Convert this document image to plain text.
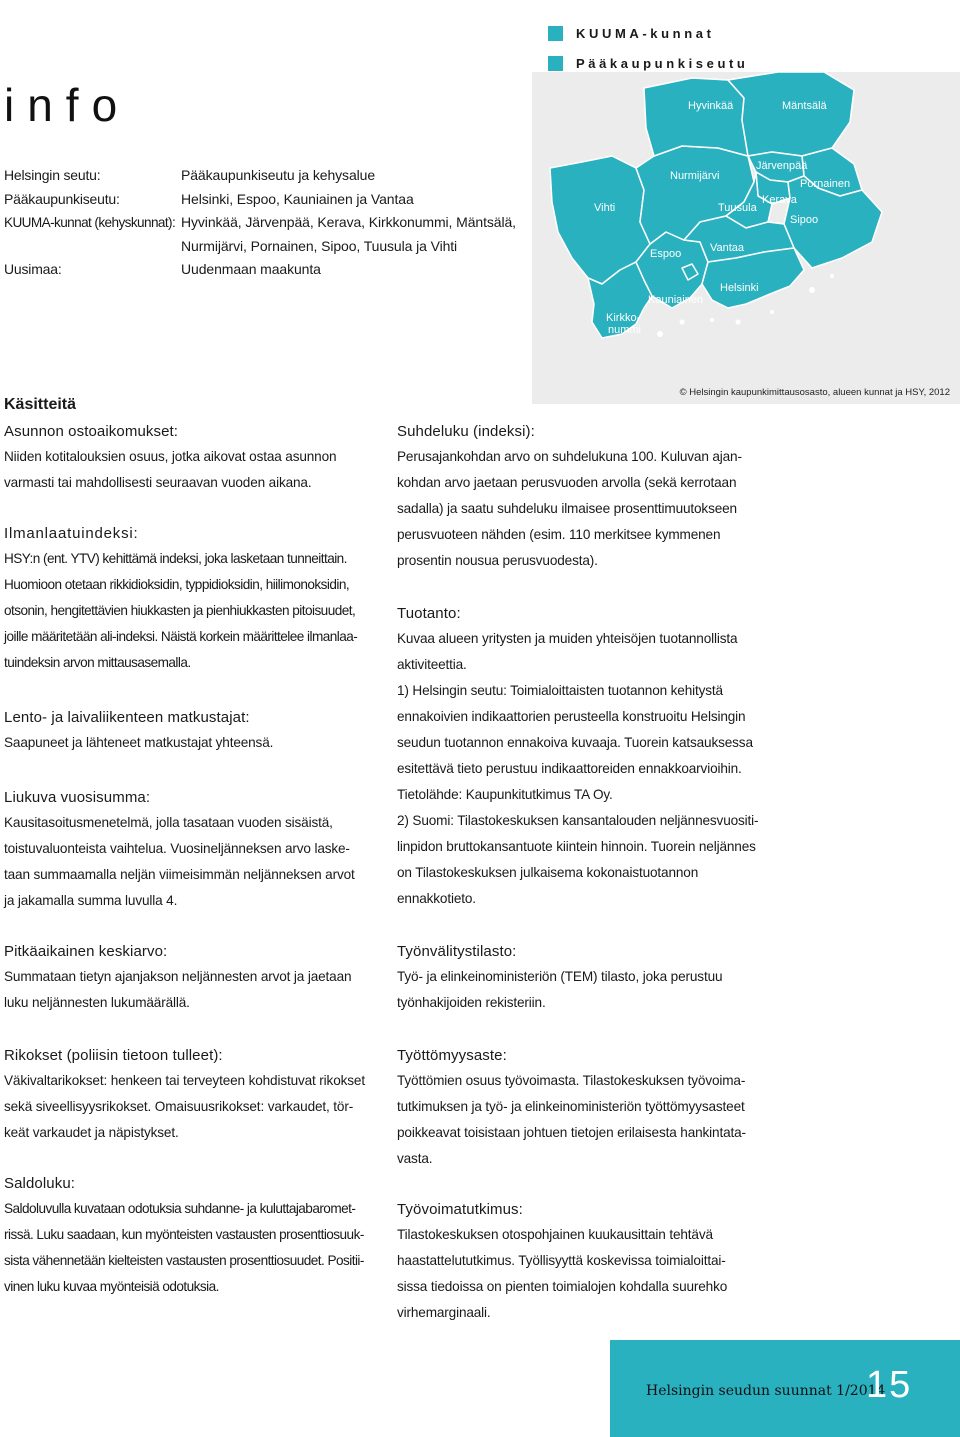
info
KUUMA-kunnat
Pääkaupunkiseutu
Helsingin seutu:	Pääkaupunkiseutu ja kehysalue
Pääkaupunkiseutu:	Helsinki, Espoo, Kauniainen ja Vantaa
KUUMA-kunnat (kehyskunnat): Hyvinkää, Järvenpää, Kerava, Kirkkonummi, Mäntsälä,
Nurmijärvi, Pornainen, Sipoo, Tuusula ja Vihti
Uusimaa:	Uudenmaan maakunta
Hyvinkää	Mäntsälä
Järvenpää
Pornainen
Nurmijärvi
Kerava
Vihti	Tuusula
Sipoo
Vantaa
Espoo
Helsinki
Kauniainen
Kirkko-
nummi
© Helsingin kaupunkimittausosasto, alueen kunnat ja HSY, 2012
Käsitteitä
Asunnon ostoaikomukset:
Niiden kotitalouksien osuus, jotka aikovat ostaa asunnon
varmasti tai mahdollisesti seuraavan vuoden aikana.
Ilmanlaatuindeksi:
HSY:n (ent. YTV) kehittämä indeksi, joka lasketaan tunneittain.
Huomioon otetaan rikkidioksidin, typpidioksidin, hiilimonoksidin,
otsonin, hengitettävien hiukkasten ja pienhiukkasten pitoisuudet,
joille määritetään ali-indeksi. Näistä korkein määrittelee ilmanlaa-
tuindeksin arvon mittausasemalla.
Lento- ja laivaliikenteen matkustajat:
Saapuneet ja lähteneet matkustajat yhteensä.
Liukuva vuosisumma:
Kausitasoitusmenetelmä, jolla tasataan vuoden sisäistä,
toistuvaluonteista vaihtelua. Vuosineljänneksen arvo laske-
taan summaamalla neljän viimeisimmän neljänneksen arvot
ja jakamalla summa luvulla 4.
Pitkäaikainen keskiarvo:
Summataan tietyn ajanjakson neljännesten arvot ja jaetaan
luku neljännesten lukumäärällä.
Rikokset (poliisin tietoon tulleet):
Väkivaltarikokset: henkeen tai terveyteen kohdistuvat rikokset
sekä siveellisyysrikokset. Omaisuusrikokset: varkaudet, tör-
keät varkaudet ja näpistykset.
Saldoluku:
Saldoluvulla kuvataan odotuksia suhdanne- ja kuluttajabaromet-
rissä. Luku saadaan, kun myönteisten vastausten prosenttiosuuk-
sista vähennetään kielteisten vastausten prosenttiosuudet. Positii-
vinen luku kuvaa myönteisiä odotuksia.
Suhdeluku (indeksi):
Perusajankohdan arvo on suhdelukuna 100. Kuluvan ajan-
kohdan arvo jaetaan perusvuoden arvolla (sekä kerrotaan
sadalla) ja saatu suhdeluku ilmaisee prosenttimuutokseen
perusvuoteen nähden (esim. 110 merkitsee kymmenen
prosentin nousua perusvuodesta).
Tuotanto:
Kuvaa alueen yritysten ja muiden yhteisöjen tuotannollista
aktiviteettia.
1) Helsingin seutu: Toimialoittaisten tuotannon kehitystä
ennakoivien indikaattorien perusteella konstruoitu Helsingin
seudun tuotannon ennakoiva kuvaaja. Tuorein katsauksessa
esitettävä tieto perustuu indikaattoreiden ennakkoarvioihin.
Tietolähde: Kaupunkitutkimus TA Oy.
2) Suomi: Tilastokeskuksen kansantalouden neljännesvuositi-
linpidon bruttokansantuote kiintein hinnoin. Tuorein neljännes
on Tilastokeskuksen julkaisema kokonaistuotannon
ennakkotieto.
Työnvälitystilasto:
Työ- ja elinkeinoministeriön (TEM) tilasto, joka perustuu
työnhakijoiden rekisteriin.
Työttömyysaste:
Työttömien osuus työvoimasta. Tilastokeskuksen työvoima-
tutkimuksen ja työ- ja elinkeinoministeriön työttömyysasteet
poikkeavat toisistaan johtuen tietojen erilaisesta hankintata-
vasta.
Työvoimatutkimus:
Tilastokeskuksen otospohjainen kuukausittain tehtävä
haastattelututkimus. Työllisyyttä koskevissa toimialoittai-
sissa tiedoissa on pienten toimialojen kohdalla suurehko
virhemarginaali.
Helsingin seudun suunnat 1/2014
15
